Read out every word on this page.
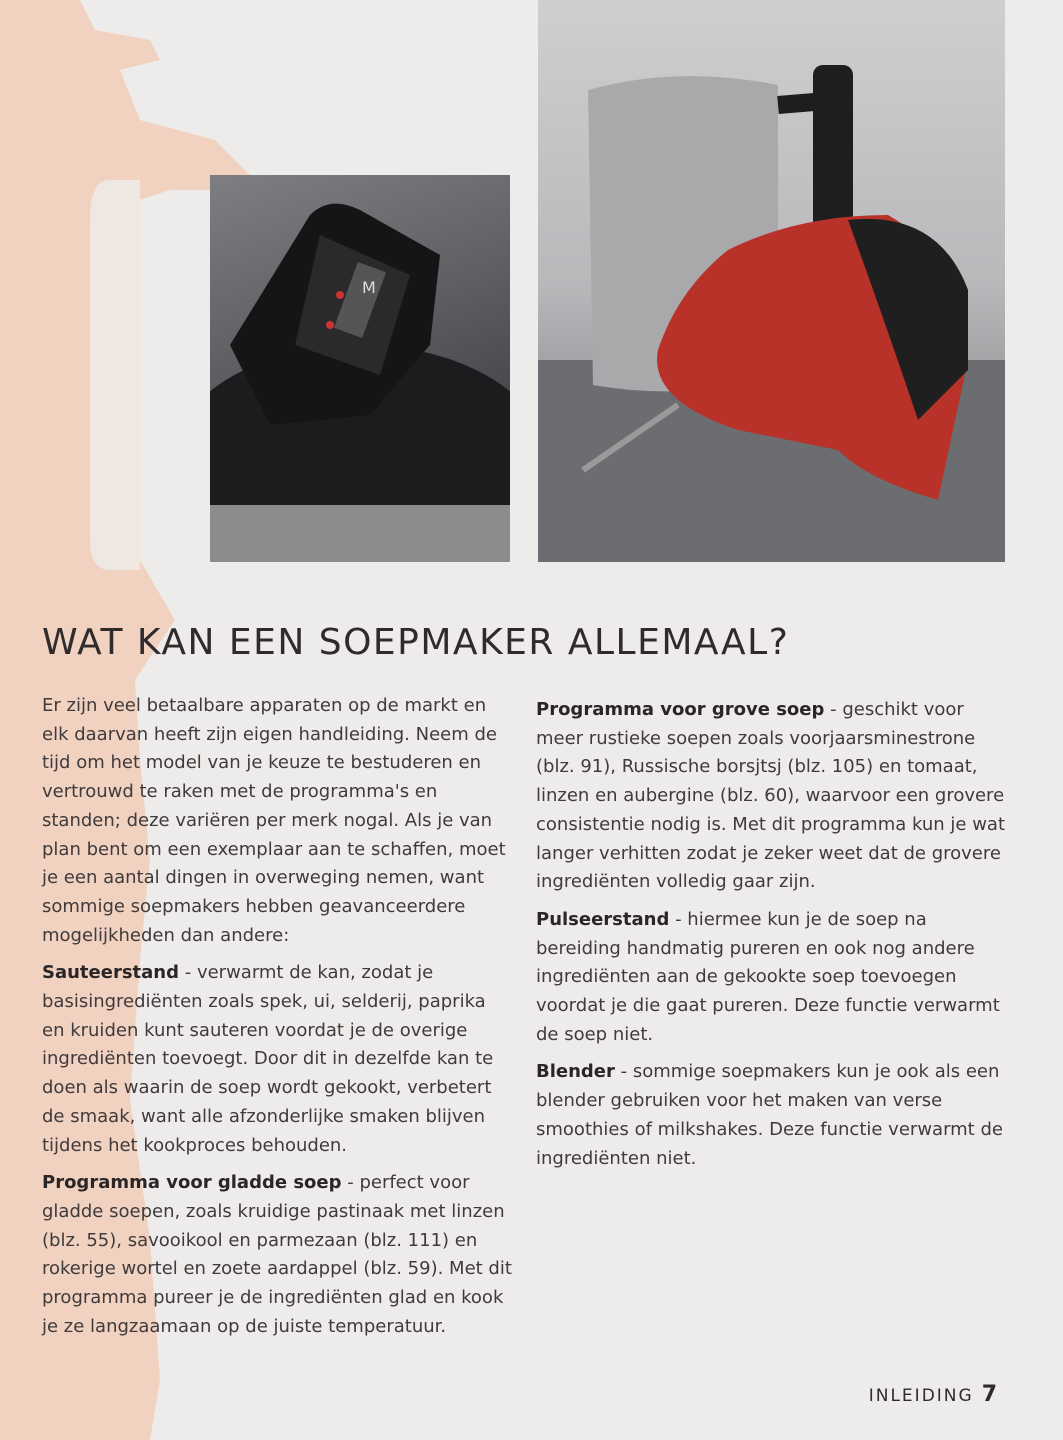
M
WAT KAN EEN SOEPMAKER ALLEMAAL?

Er zijn veel betaalbare apparaten op de markt en elk daarvan heeft zijn eigen handleiding. Neem de tijd om het model van je keuze te bestuderen en vertrouwd te raken met de programma's en standen; deze variëren per merk nogal. Als je van plan bent om een exemplaar aan te schaffen, moet je een aantal dingen in overweging nemen, want sommige soepmakers hebben geavanceerdere mogelijkheden dan andere:

Sauteerstand - verwarmt de kan, zodat je basisingrediënten zoals spek, ui, selderij, paprika en kruiden kunt sauteren voordat je de overige ingrediënten toevoegt. Door dit in dezelfde kan te doen als waarin de soep wordt gekookt, verbetert de smaak, want alle afzonderlijke smaken blijven tijdens het kookproces behouden.

Programma voor gladde soep - perfect voor gladde soepen, zoals kruidige pastinaak met linzen (blz. 55), savooikool en parmezaan (blz. 111) en rokerige wortel en zoete aardappel (blz. 59). Met dit programma pureer je de ingrediënten glad en kook je ze langzaamaan op de juiste temperatuur.

Programma voor grove soep - geschikt voor meer rustieke soepen zoals voorjaarsminestrone (blz. 91), Russische borsjtsj (blz. 105) en tomaat, linzen en aubergine (blz. 60), waarvoor een grovere consistentie nodig is. Met dit programma kun je wat langer verhitten zodat je zeker weet dat de grovere ingrediënten volledig gaar zijn.

Pulseerstand - hiermee kun je de soep na bereiding handmatig pureren en ook nog andere ingrediënten aan de gekookte soep toevoegen voordat je die gaat pureren. Deze functie verwarmt de soep niet.

Blender - sommige soepmakers kun je ook als een blender gebruiken voor het maken van verse smoothies of milkshakes. Deze functie verwarmt de ingrediënten niet.

INLEIDING 7
